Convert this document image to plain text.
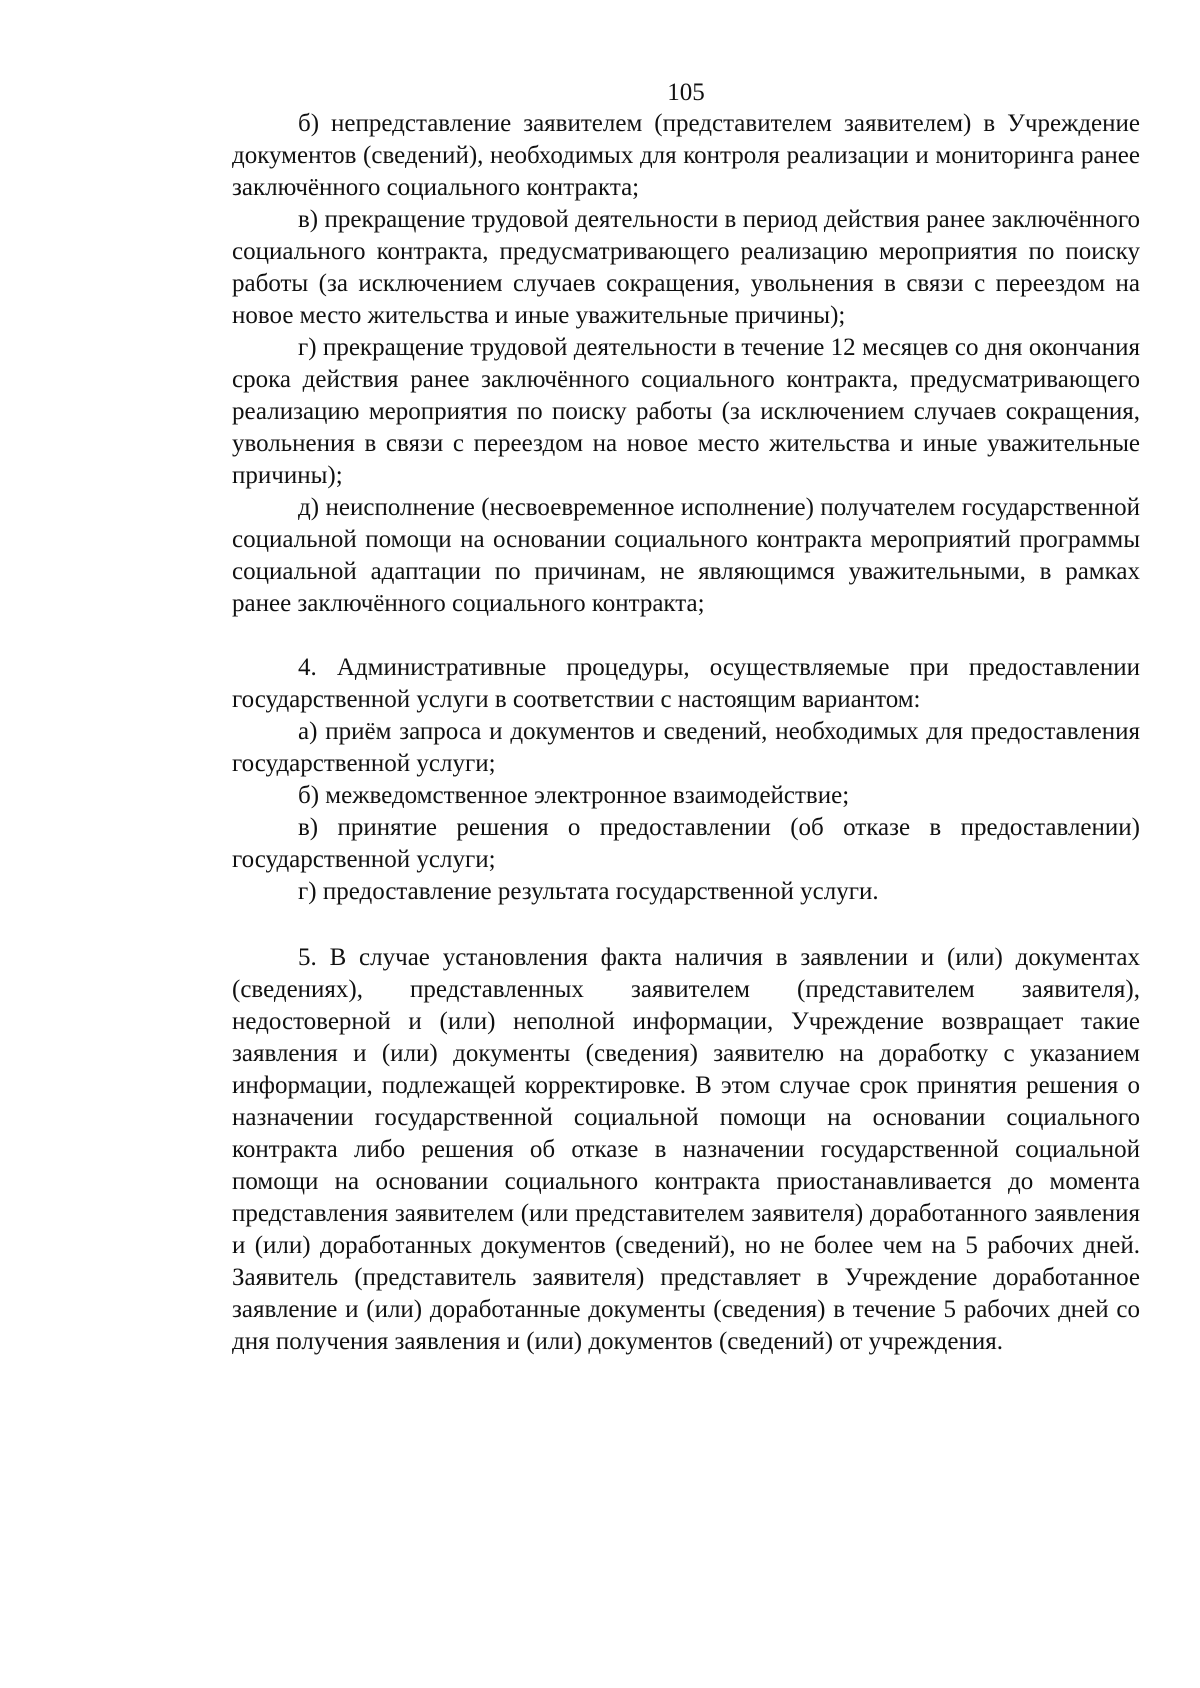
105

б) непредставление заявителем (представителем заявителем) в Учреждение документов (сведений), необходимых для контроля реализации и мониторинга ранее заключённого социального контракта;

в) прекращение трудовой деятельности в период действия ранее заключённого социального контракта, предусматривающего реализацию мероприятия по поиску работы (за исключением случаев сокращения, увольнения в связи с переездом на новое место жительства и иные уважительные причины);

г) прекращение трудовой деятельности в течение 12 месяцев со дня окончания срока действия ранее заключённого социального контракта, предусматривающего реализацию мероприятия по поиску работы (за исключением случаев сокращения, увольнения в связи с переездом на новое место жительства и иные уважительные причины);

д) неисполнение (несвоевременное исполнение) получателем государственной социальной помощи на основании социального контракта мероприятий программы социальной адаптации по причинам, не являющимся уважительными, в рамках ранее заключённого социального контракта;

4. Административные процедуры, осуществляемые при предоставлении государственной услуги в соответствии с настоящим вариантом:

а) приём запроса и документов и сведений, необходимых для предоставления государственной услуги;

б) межведомственное электронное взаимодействие;

в) принятие решения о предоставлении (об отказе в предоставлении) государственной услуги;

г) предоставление результата государственной услуги.

5. В случае установления факта наличия в заявлении и (или) документах (сведениях), представленных заявителем (представителем заявителя), недостоверной и (или) неполной информации, Учреждение возвращает такие заявления и (или) документы (сведения) заявителю на доработку с указанием информации, подлежащей корректировке. В этом случае срок принятия решения о назначении государственной социальной помощи на основании социального контракта либо решения об отказе в назначении государственной социальной помощи на основании социального контракта приостанавливается до момента представления заявителем (или представителем заявителя) доработанного заявления и (или) доработанных документов (сведений), но не более чем на 5 рабочих дней. Заявитель (представитель заявителя) представляет в Учреждение доработанное заявление и (или) доработанные документы (сведения) в течение 5 рабочих дней со дня получения заявления и (или) документов (сведений) от учреждения.
